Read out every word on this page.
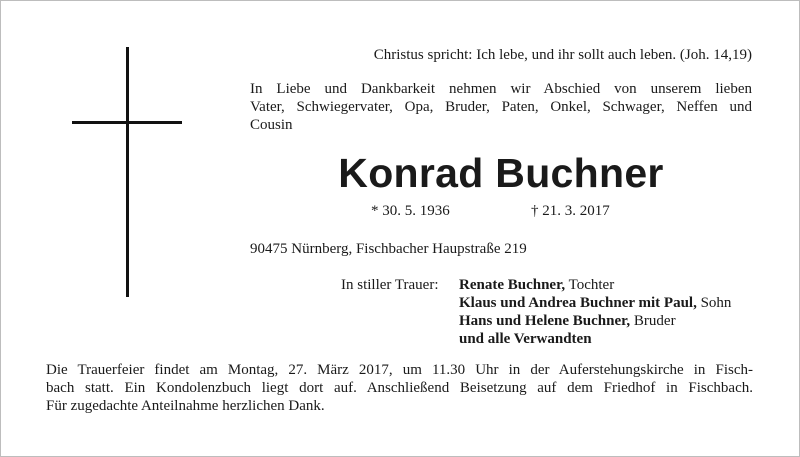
Christus spricht: Ich lebe, und ihr sollt auch leben. (Joh. 14,19)
In Liebe und Dankbarkeit nehmen wir Abschied von unserem lieben
Vater, Schwiegervater, Opa, Bruder, Paten, Onkel, Schwager, Neffen und
Cousin
Konrad Buchner
* 30. 5. 1936	† 21. 3. 2017
90475 Nürnberg, Fischbacher Haupstraße 219
In stiller Trauer: Renate Buchner, Tochter
Klaus und Andrea Buchner mit Paul, Sohn
Hans und Helene Buchner, Bruder
und alle Verwandten
Die Trauerfeier findet am Montag, 27. März 2017, um 11.30 Uhr in der Auferstehungskirche in Fisch-
bach statt. Ein Kondolenzbuch liegt dort auf. Anschließend Beisetzung auf dem Friedhof in Fischbach.
Für zugedachte Anteilnahme herzlichen Dank.
